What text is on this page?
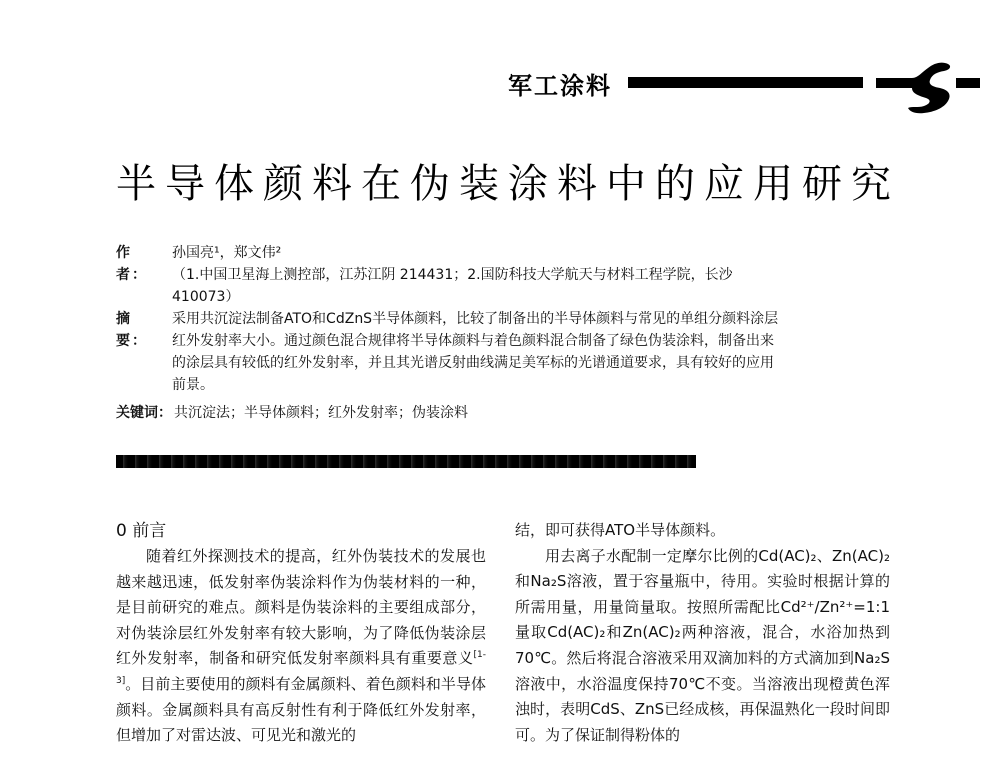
军工涂料
半导体颜料在伪装涂料中的应用研究
作　者：
孙国亮¹，郑文伟²
（1.中国卫星海上测控部，江苏江阴 214431；2.国防科技大学航天与材料工程学院，长沙 410073）
摘　要：
采用共沉淀法制备ATO和CdZnS半导体颜料，比较了制备出的半导体颜料与常见的单组分颜料涂层红外发射率大小。通过颜色混合规律将半导体颜料与着色颜料混合制备了绿色伪装涂料，制备出来的涂层具有较低的红外发射率，并且其光谱反射曲线满足美军标的光谱通道要求，具有较好的应用前景。
关键词： 共沉淀法；半导体颜料；红外发射率；伪装涂料
0 前言

随着红外探测技术的提高，红外伪装技术的发展也越来越迅速，低发射率伪装涂料作为伪装材料的一种，是目前研究的难点。颜料是伪装涂料的主要组成部分，对伪装涂层红外发射率有较大影响，为了降低伪装涂层红外发射率，制备和研究低发射率颜料具有重要意义[1-3]。目前主要使用的颜料有金属颜料、着色颜料和半导体颜料。金属颜料具有高反射性有利于降低红外发射率，但增加了对雷达波、可见光和激光的

结，即可获得ATO半导体颜料。

用去离子水配制一定摩尔比例的Cd(AC)₂、Zn(AC)₂和Na₂S溶液，置于容量瓶中，待用。实验时根据计算的所需用量，用量筒量取。按照所需配比Cd²⁺/Zn²⁺=1:1量取Cd(AC)₂和Zn(AC)₂两种溶液，混合，水浴加热到70℃。然后将混合溶液采用双滴加料的方式滴加到Na₂S溶液中，水浴温度保持70℃不变。当溶液出现橙黄色浑浊时，表明CdS、ZnS已经成核，再保温熟化一段时间即可。为了保证制得粉体的
